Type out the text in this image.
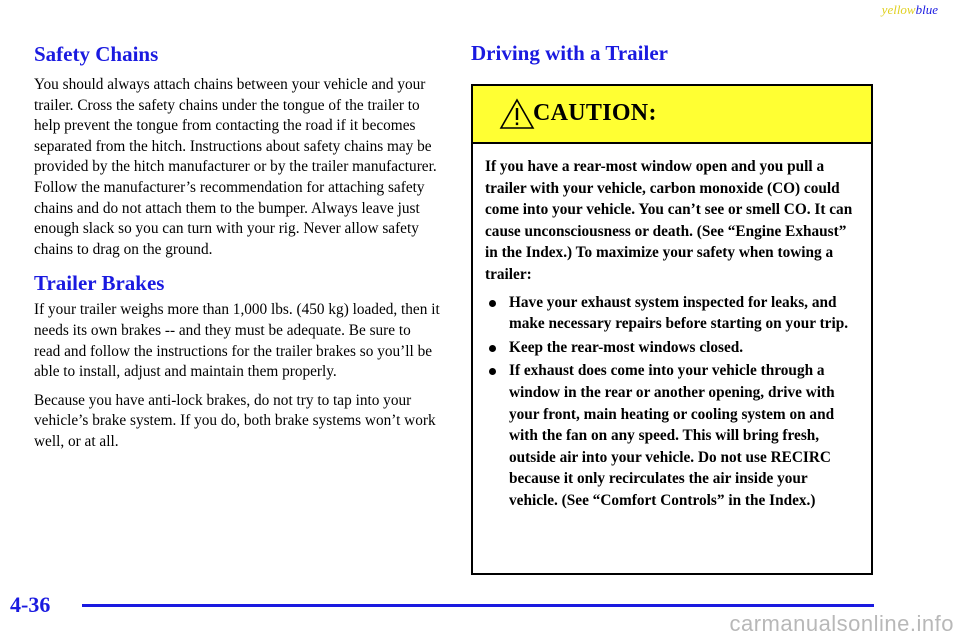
yellowblue
Safety Chains

You should always attach chains between your vehicle and your trailer. Cross the safety chains under the tongue of the trailer to help prevent the tongue from contacting the road if it becomes separated from the hitch. Instructions about safety chains may be provided by the hitch manufacturer or by the trailer manufacturer. Follow the manufacturer’s recommendation for attaching safety chains and do not attach them to the bumper. Always leave just enough slack so you can turn with your rig. Never allow safety chains to drag on the ground.

Trailer Brakes

If your trailer weighs more than 1,000 lbs. (450 kg) loaded, then it needs its own brakes -- and they must be adequate. Be sure to read and follow the instructions for the trailer brakes so you’ll be able to install, adjust and maintain them properly.

Because you have anti-lock brakes, do not try to tap into your vehicle’s brake system. If you do, both brake systems won’t work well, or at all.

Driving with a Trailer
CAUTION:

If you have a rear-most window open and you pull a trailer with your vehicle, carbon monoxide (CO) could come into your vehicle. You can’t see or smell CO. It can cause unconsciousness or death. (See “Engine Exhaust” in the Index.) To maximize your safety when towing a trailer:

Have your exhaust system inspected for leaks, and make necessary repairs before starting on your trip.
Keep the rear-most windows closed.
If exhaust does come into your vehicle through a window in the rear or another opening, drive with your front, main heating or cooling system on and with the fan on any speed. This will bring fresh, outside air into your vehicle. Do not use RECIRC because it only recirculates the air inside your vehicle. (See “Comfort Controls” in the Index.)
4-36
carmanualsonline.info
